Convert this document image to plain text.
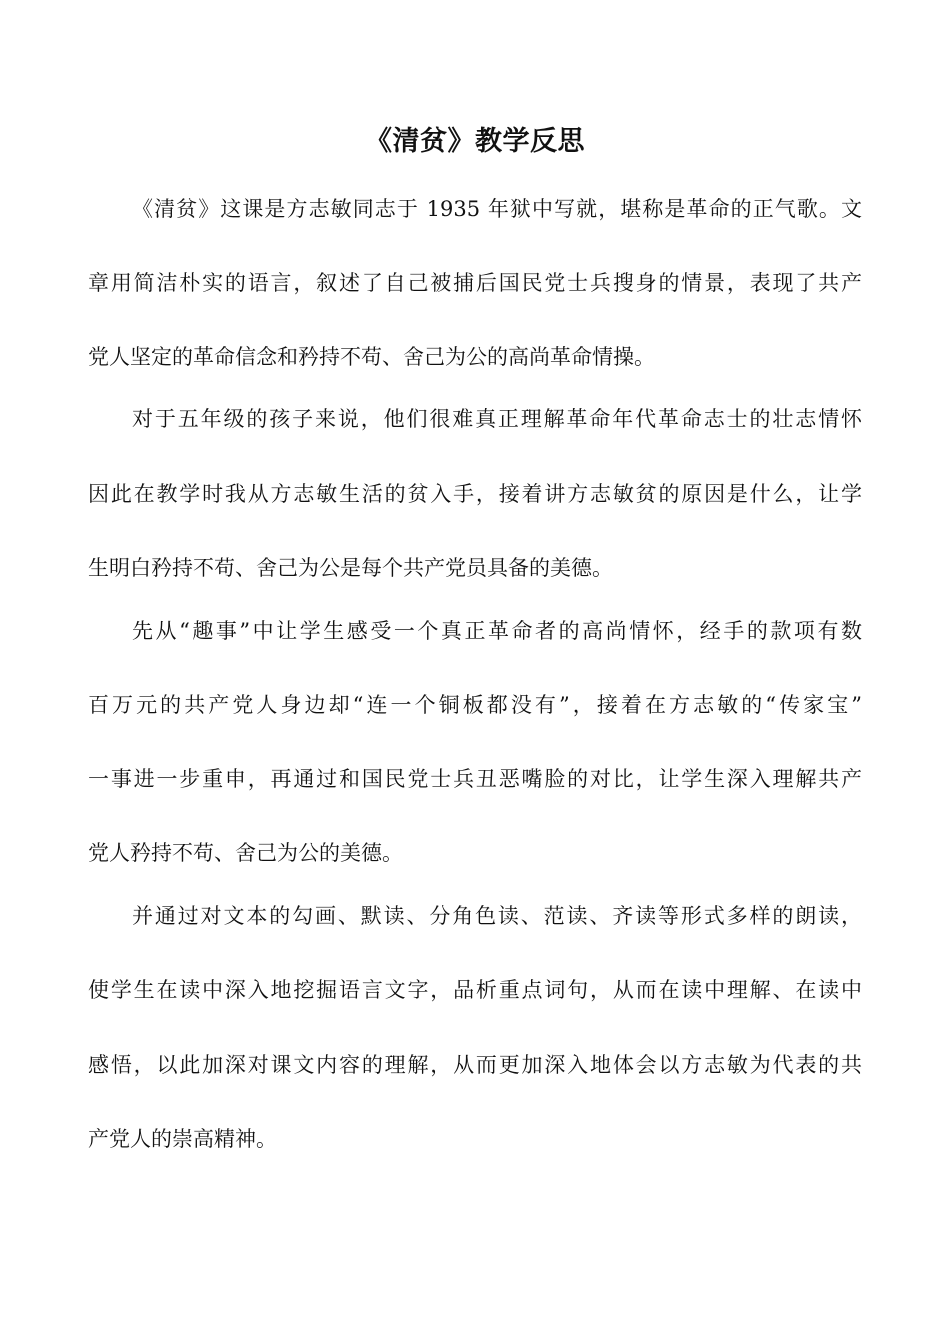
《清贫》教学反思
《清贫》这课是方志敏同志于 1935 年狱中写就，堪称是革命的正气歌。文
章用简洁朴实的语言，叙述了自己被捕后国民党士兵搜身的情景，表现了共产
党人坚定的革命信念和矜持不苟、舍己为公的高尚革命情操。
对于五年级的孩子来说，他们很难真正理解革命年代革命志士的壮志情怀
因此在教学时我从方志敏生活的贫入手，接着讲方志敏贫的原因是什么，让学
生明白矜持不苟、舍己为公是每个共产党员具备的美德。
先从“趣事”中让学生感受一个真正革命者的高尚情怀，经手的款项有数
百万元的共产党人身边却“连一个铜板都没有”，接着在方志敏的“传家宝”
一事进一步重申，再通过和国民党士兵丑恶嘴脸的对比，让学生深入理解共产
党人矜持不苟、舍己为公的美德。
并通过对文本的勾画、默读、分角色读、范读、齐读等形式多样的朗读，
使学生在读中深入地挖掘语言文字，品析重点词句，从而在读中理解、在读中
感悟，以此加深对课文内容的理解，从而更加深入地体会以方志敏为代表的共
产党人的崇高精神。
